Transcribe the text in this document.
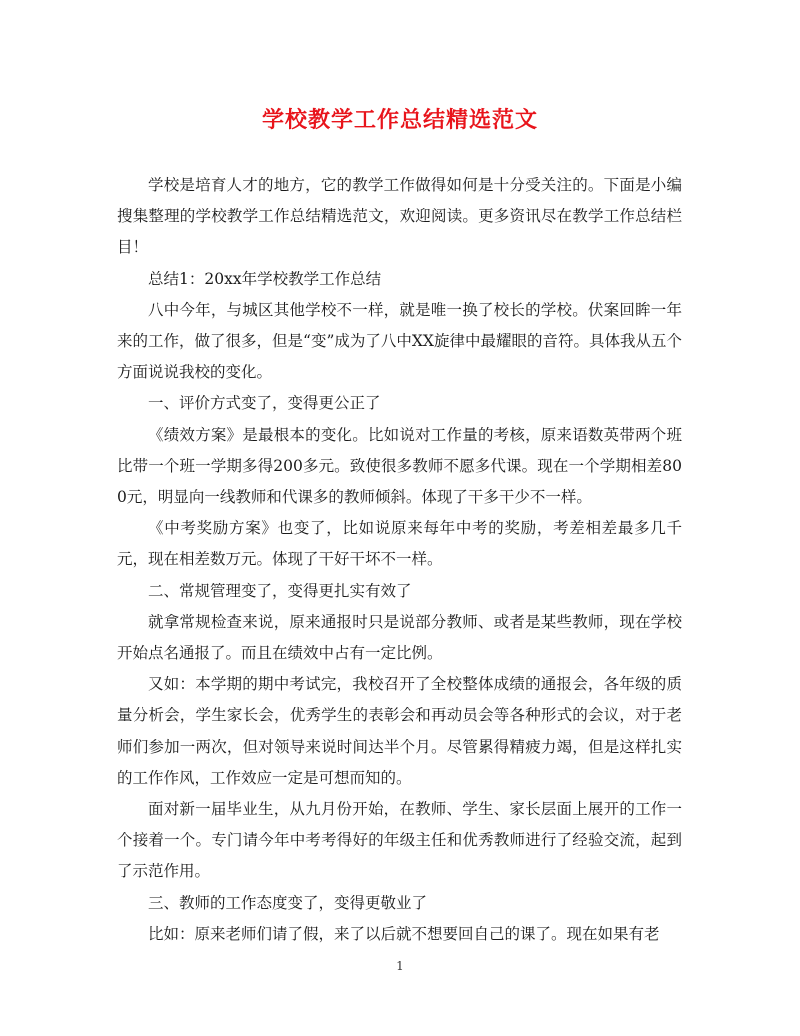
学校教学工作总结精选范文

学校是培育人才的地方，它的教学工作做得如何是十分受关注的。下面是小编搜集整理的学校教学工作总结精选范文，欢迎阅读。更多资讯尽在教学工作总结栏目！

总结1：20xx年学校教学工作总结

八中今年，与城区其他学校不一样，就是唯一换了校长的学校。伏案回眸一年来的工作，做了很多，但是“变”成为了八中XX旋律中最耀眼的音符。具体我从五个方面说说我校的变化。

一、评价方式变了，变得更公正了

《绩效方案》是最根本的变化。比如说对工作量的考核，原来语数英带两个班比带一个班一学期多得200多元。致使很多教师不愿多代课。现在一个学期相差800元，明显向一线教师和代课多的教师倾斜。体现了干多干少不一样。

《中考奖励方案》也变了，比如说原来每年中考的奖励，考差相差最多几千元，现在相差数万元。体现了干好干坏不一样。

二、常规管理变了，变得更扎实有效了

就拿常规检查来说，原来通报时只是说部分教师、或者是某些教师，现在学校开始点名通报了。而且在绩效中占有一定比例。

又如：本学期的期中考试完，我校召开了全校整体成绩的通报会，各年级的质量分析会，学生家长会，优秀学生的表彰会和再动员会等各种形式的会议，对于老师们参加一两次，但对领导来说时间达半个月。尽管累得精疲力竭，但是这样扎实的工作作风，工作效应一定是可想而知的。

面对新一届毕业生，从九月份开始，在教师、学生、家长层面上展开的工作一个接着一个。专门请今年中考考得好的年级主任和优秀教师进行了经验交流，起到了示范作用。

三、教师的工作态度变了，变得更敬业了

比如：原来老师们请了假，来了以后就不想要回自己的课了。现在如果有老

1
